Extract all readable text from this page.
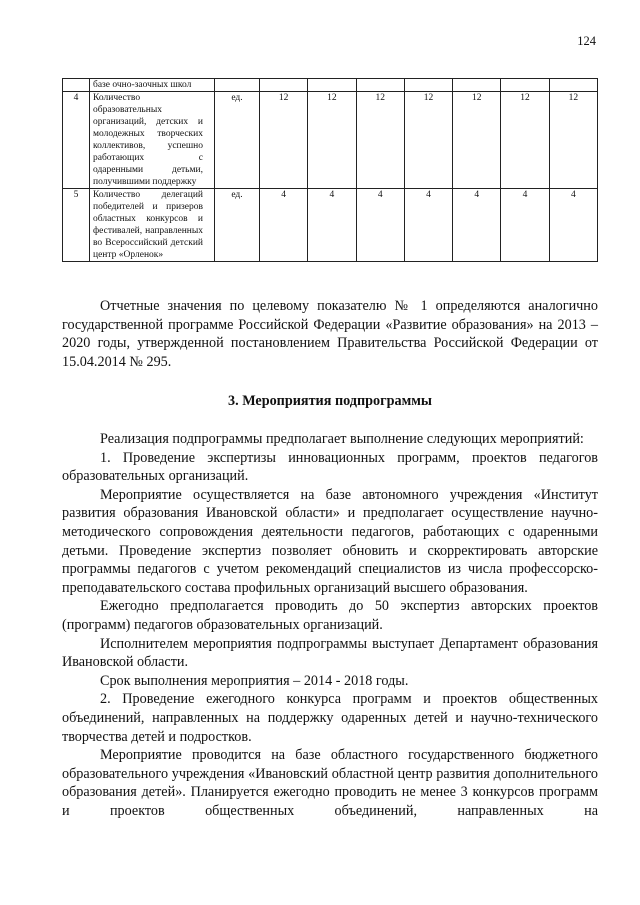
124

	базе очно-заочных школ								

4	Количество образовательных организаций, детских и молодежных творческих коллективов, успешно работающих с одаренными детьми, получившими поддержку	ед.	12	12	12	12	12	12	12
5	Количество делегаций победителей и призеров областных конкурсов и фестивалей, направленных во Всероссийский детский центр «Орленок»	ед.	4	4	4	4	4	4	4

Отчетные значения по целевому показателю № 1 определяются аналогично государственной программе Российской Федерации «Развитие образования» на 2013 – 2020 годы, утвержденной постановлением Правительства Российской Федерации от 15.04.2014 № 295.

3. Мероприятия подпрограммы

Реализация подпрограммы предполагает выполнение следующих мероприятий:

1. Проведение экспертизы инновационных программ, проектов педагогов образовательных организаций.

Мероприятие осуществляется на базе автономного учреждения «Институт развития образования Ивановской области» и предполагает осуществление научно-методического сопровождения деятельности педагогов, работающих с одаренными детьми. Проведение экспертиз позволяет обновить и скорректировать авторские программы педагогов с учетом рекомендаций специалистов из числа профессорско-преподавательского состава профильных организаций высшего образования.

Ежегодно предполагается проводить до 50 экспертиз авторских проектов (программ) педагогов образовательных организаций.

Исполнителем мероприятия подпрограммы выступает Департамент образования Ивановской области.

Срок выполнения мероприятия – 2014 - 2018 годы.

2. Проведение ежегодного конкурса программ и проектов общественных объединений, направленных на поддержку одаренных детей и научно-технического творчества детей и подростков.

Мероприятие проводится на базе областного государственного бюджетного образовательного учреждения «Ивановский областной центр развития дополнительного образования детей». Планируется ежегодно проводить не менее 3 конкурсов программ и проектов общественных объединений, направленных на
